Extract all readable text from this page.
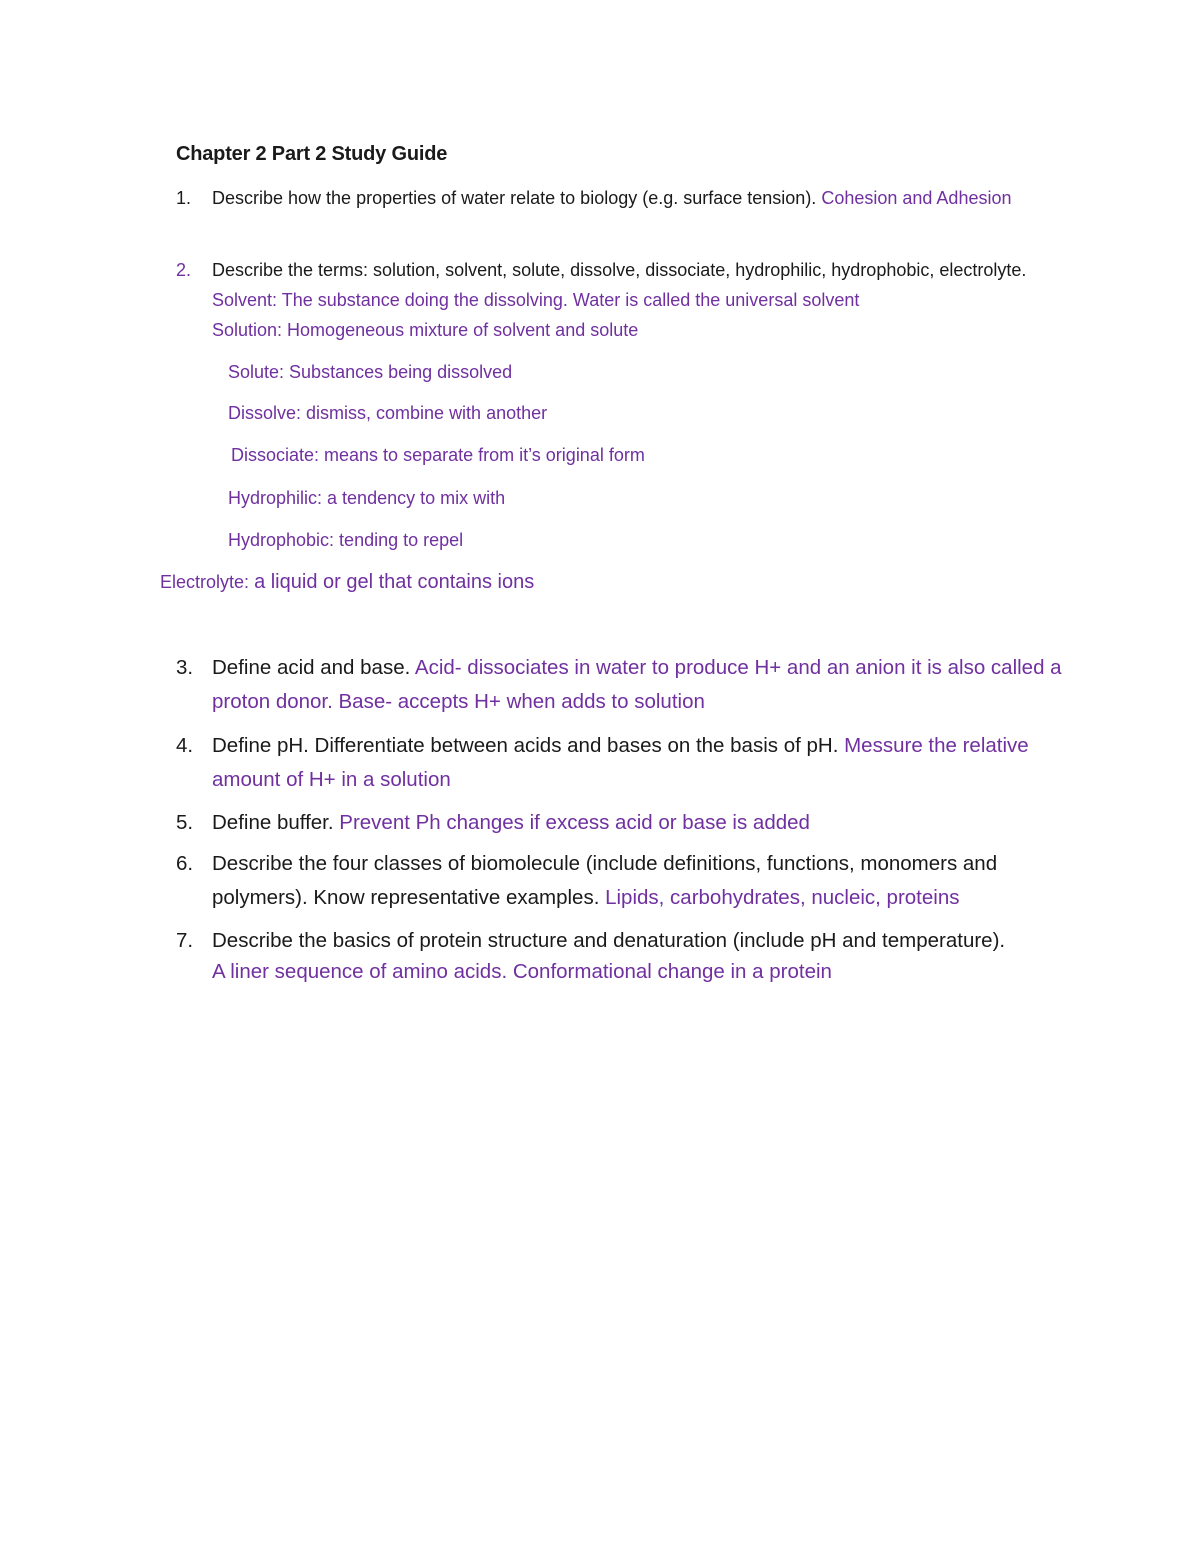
Chapter 2 Part 2 Study Guide
1.	Describe how the properties of water relate to biology (e.g. surface tension). Cohesion and Adhesion
2.	Describe the terms: solution, solvent, solute, dissolve, dissociate, hydrophilic, hydrophobic, electrolyte. Solvent: The substance doing the dissolving. Water is called the universal solvent
Solution: Homogeneous mixture of solvent and solute
Solute: Substances being dissolved
Dissolve: dismiss, combine with another
Dissociate: means to separate from it’s original form
Hydrophilic: a tendency to mix with
Hydrophobic: tending to repel
Electrolyte: a liquid or gel that contains ions
3. Define acid and base. Acid- dissociates in water to produce H+ and an anion it is also called a proton donor. Base- accepts H+ when adds to solution
4. Define pH. Differentiate between acids and bases on the basis of pH. Messure the relative amount of H+ in a solution
5. Define buffer. Prevent Ph changes if excess acid or base is added
6. Describe the four classes of biomolecule (include definitions, functions, monomers and polymers). Know representative examples. Lipids, carbohydrates, nucleic, proteins
7. Describe the basics of protein structure and denaturation (include pH and temperature).
A liner sequence of amino acids. Conformational change in a protein
